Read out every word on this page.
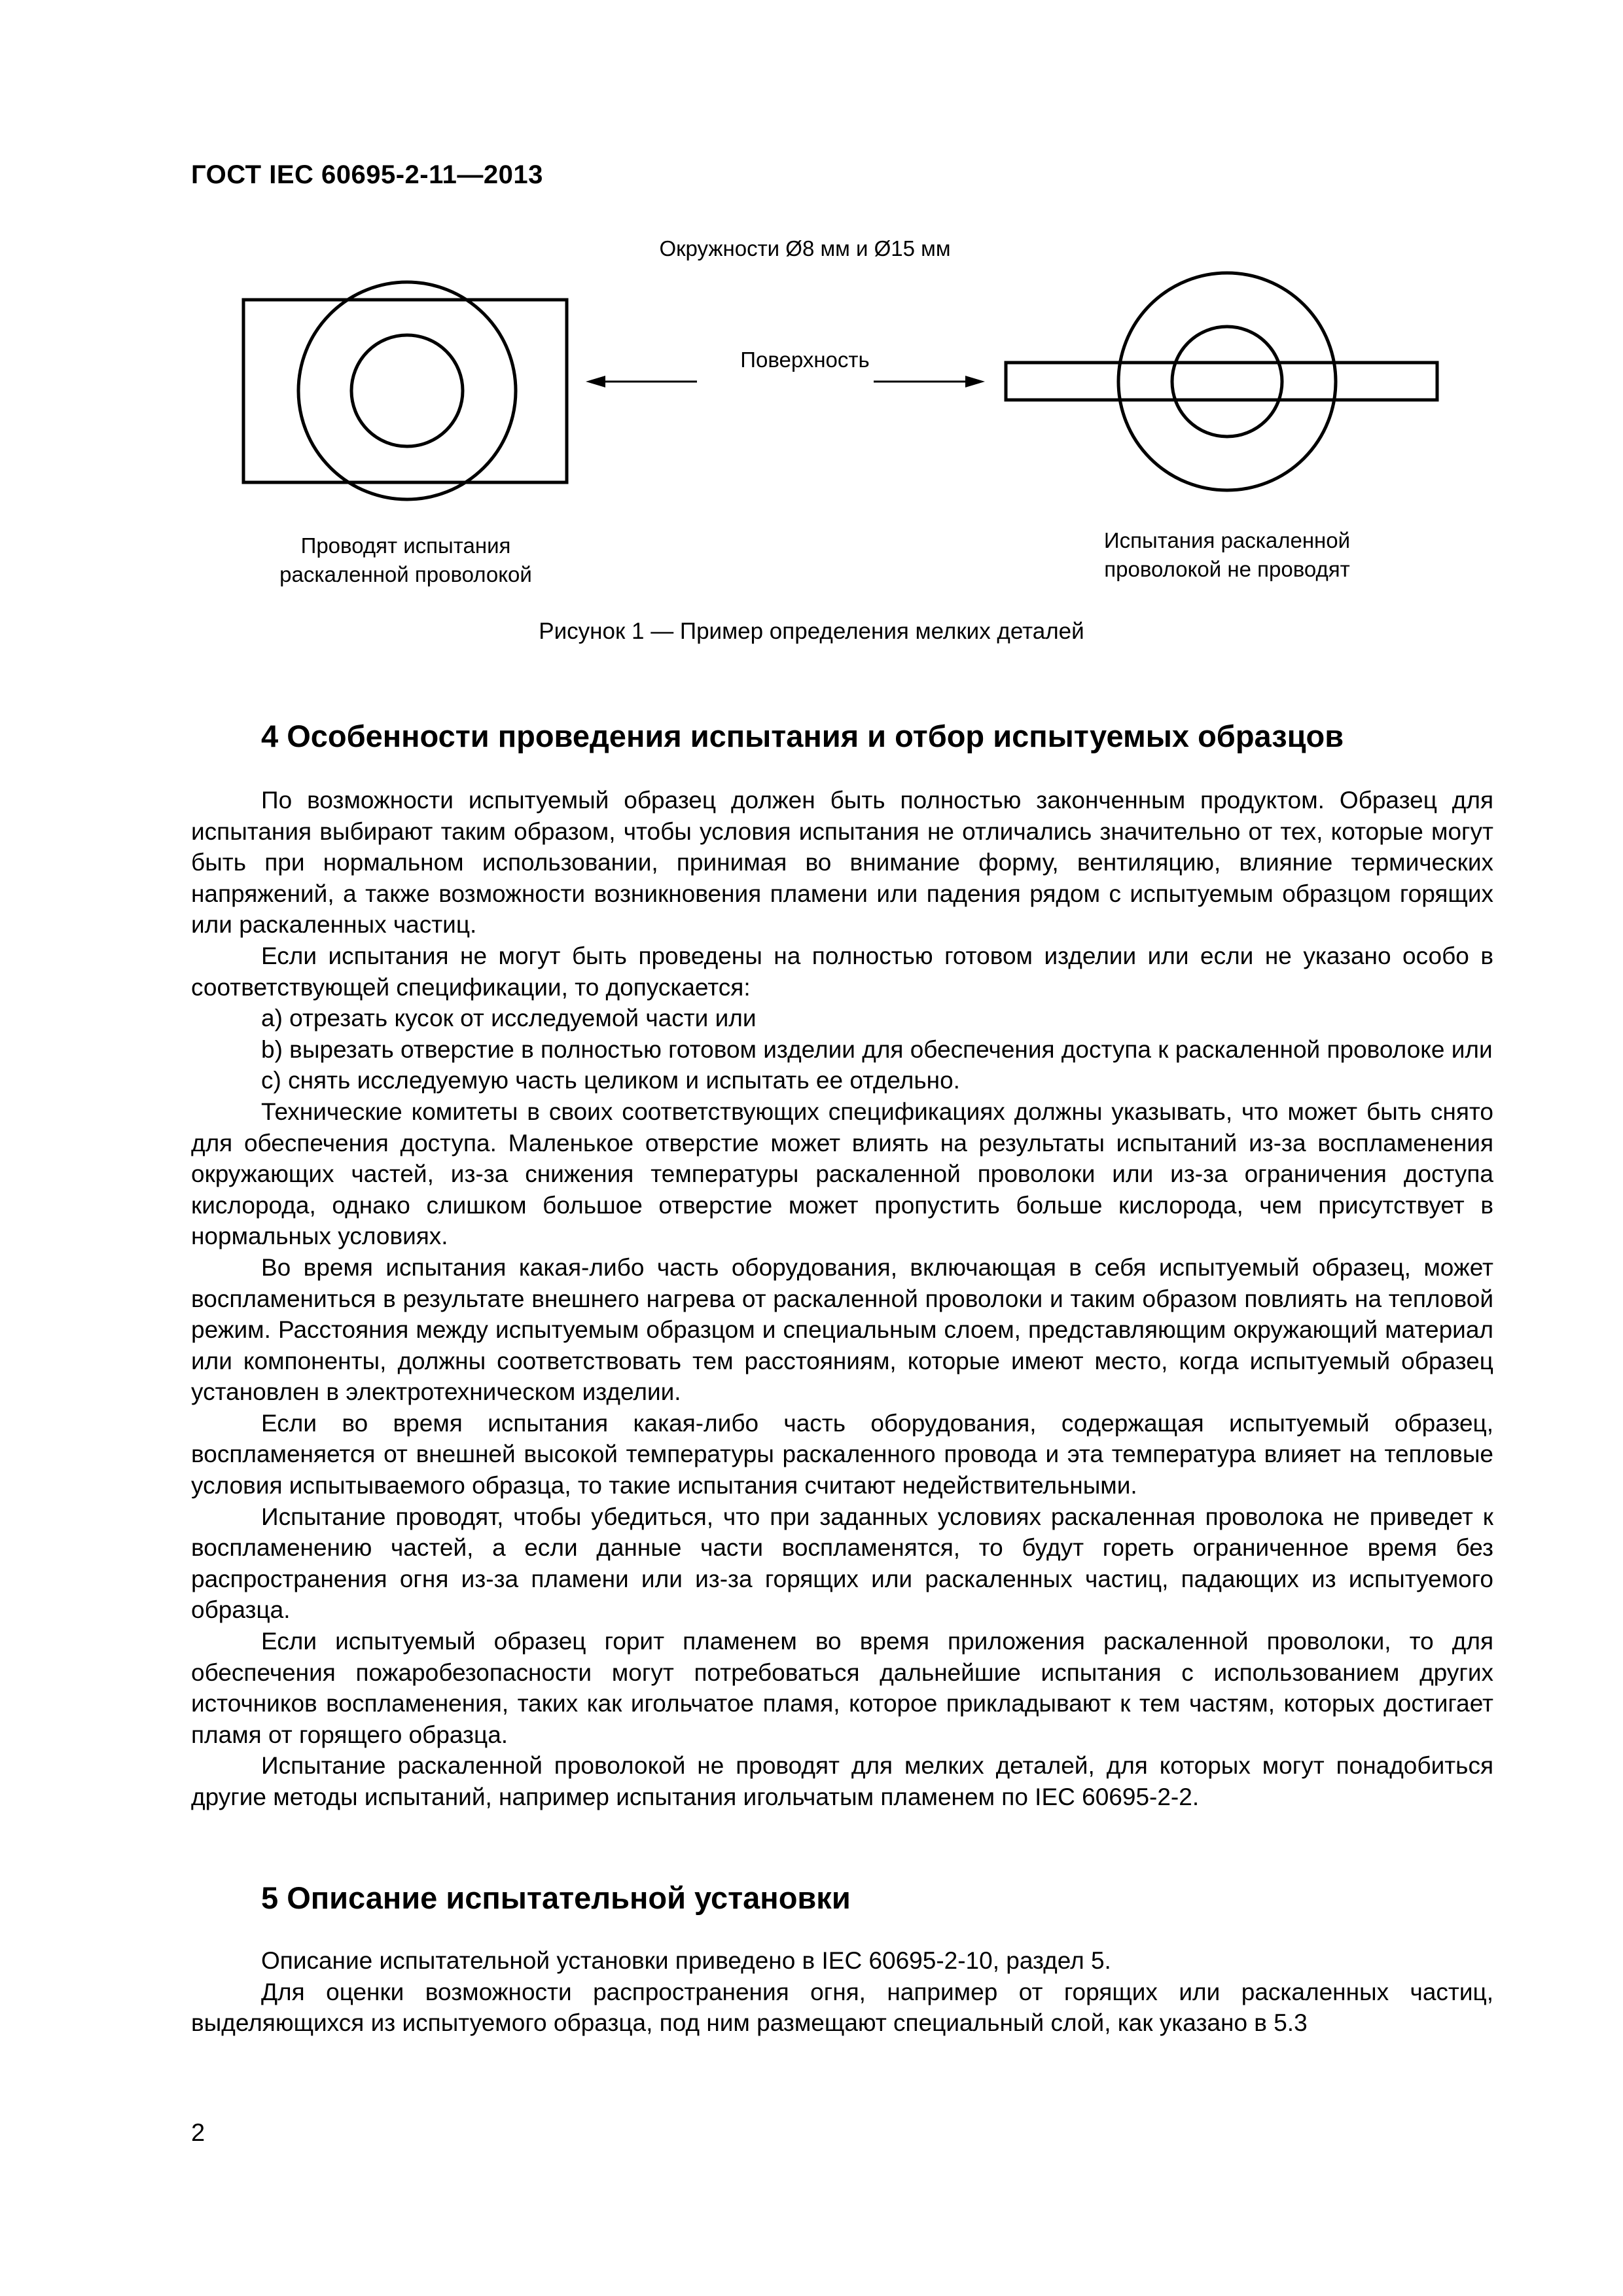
ГОСТ IEC 60695-2-11—2013
Окружности Ø8 мм и Ø15 мм
Поверхность
Проводят испытания
раскаленной проволокой
Испытания раскаленной
проволокой не проводят
Рисунок 1 — Пример определения мелких деталей
4 Особенности проведения испытания и отбор испытуемых образцов

По возможности испытуемый образец должен быть полностью законченным продуктом. Образец для испытания выбирают таким образом, чтобы условия испытания не отличались значительно от тех, которые могут быть при нормальном использовании, принимая во внимание форму, вентиляцию, влияние термических напряжений, а также возможности возникновения пламени или падения рядом с испытуемым образцом горящих или раскаленных частиц.

Если испытания не могут быть проведены на полностью готовом изделии или если не указано особо в соответствующей спецификации, то допускается:

a) отрезать кусок от исследуемой части или

b) вырезать отверстие в полностью готовом изделии для обеспечения доступа к раскаленной проволоке или

c) снять исследуемую часть целиком и испытать ее отдельно.

Технические комитеты в своих соответствующих спецификациях должны указывать, что может быть снято для обеспечения доступа. Маленькое отверстие может влиять на результаты испытаний из-за воспламенения окружающих частей, из-за снижения температуры раскаленной проволоки или из-за ограничения доступа кислорода, однако слишком большое отверстие может пропустить больше кислорода, чем присутствует в нормальных условиях.

Во время испытания какая-либо часть оборудования, включающая в себя испытуемый образец, может воспламениться в результате внешнего нагрева от раскаленной проволоки и таким образом повлиять на тепловой режим. Расстояния между испытуемым образцом и специальным слоем, представляющим окружающий материал или компоненты, должны соответствовать тем расстояниям, которые имеют место, когда испытуемый образец установлен в электротехническом изделии.

Если во время испытания какая-либо часть оборудования, содержащая испытуемый образец, воспламеняется от внешней высокой температуры раскаленного провода и эта температура влияет на тепловые условия испытываемого образца, то такие испытания считают недействительными.

Испытание проводят, чтобы убедиться, что при заданных условиях раскаленная проволока не приведет к воспламенению частей, а если данные части воспламенятся, то будут гореть ограниченное время без распространения огня из-за пламени или из-за горящих или раскаленных частиц, падающих из испытуемого образца.

Если испытуемый образец горит пламенем во время приложения раскаленной проволоки, то для обеспечения пожаробезопасности могут потребоваться дальнейшие испытания с использованием других источников воспламенения, таких как игольчатое пламя, которое прикладывают к тем частям, которых достигает пламя от горящего образца.

Испытание раскаленной проволокой не проводят для мелких деталей, для которых могут понадобиться другие методы испытаний, например испытания игольчатым пламенем по IEC 60695-2-2.

5 Описание испытательной установки

Описание испытательной установки приведено в IEC 60695-2-10, раздел 5.

Для оценки возможности распространения огня, например от горящих или раскаленных частиц, выделяющихся из испытуемого образца, под ним размещают специальный слой, как указано в 5.3

2
